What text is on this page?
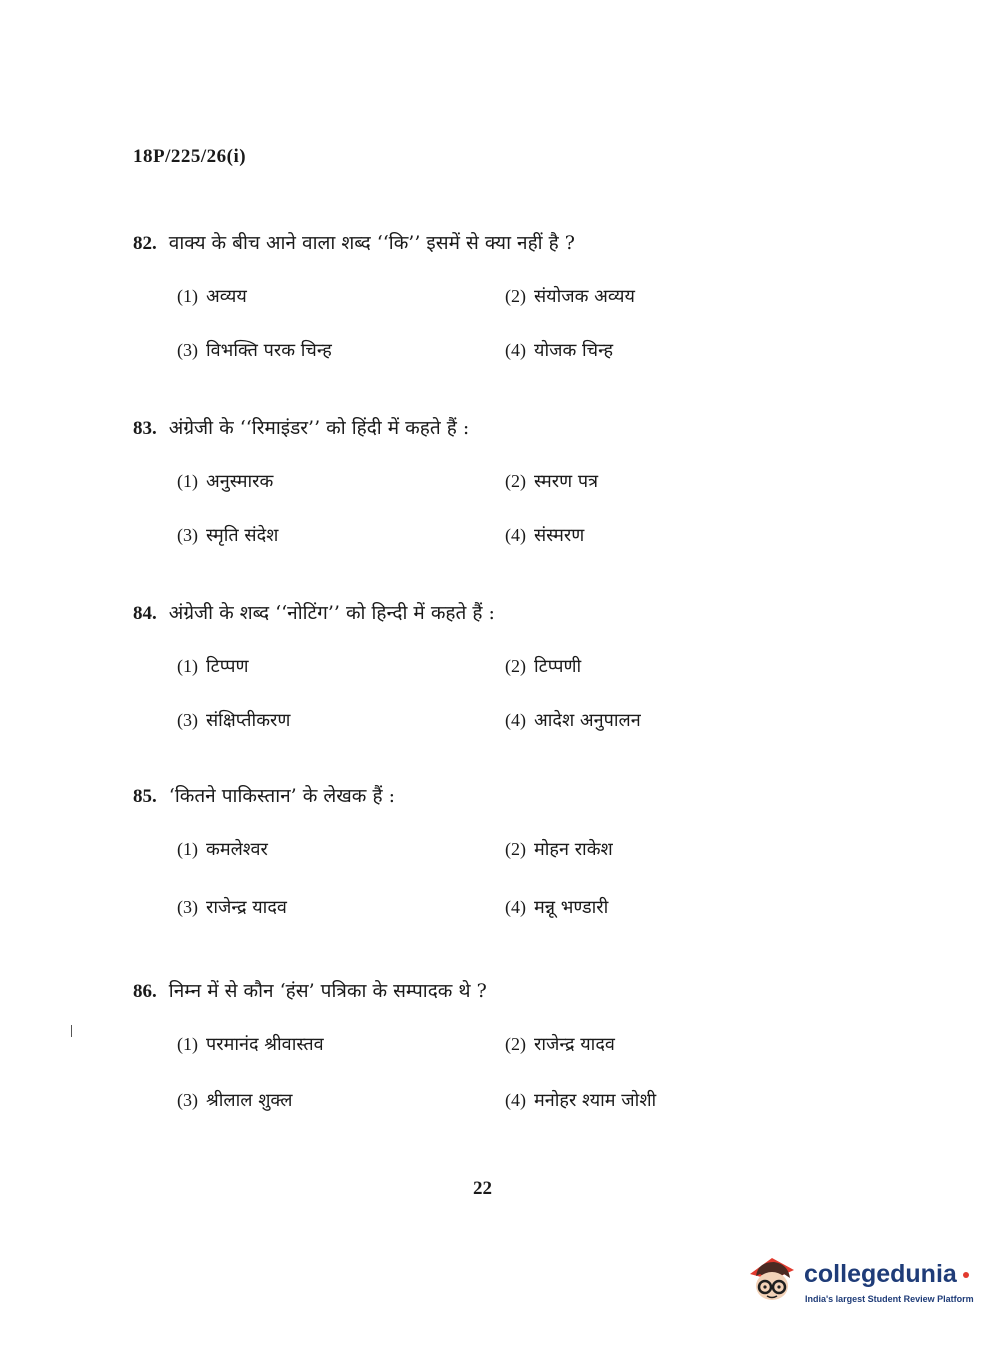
18P/225/26(i)
82. वाक्य के बीच आने वाला शब्द ‘‘कि’’ इसमें से क्या नहीं है ?
(1) अव्यय	(2) संयोजक अव्यय
(3) विभक्ति परक चिन्ह	(4) योजक चिन्ह
83. अंग्रेजी के ‘‘रिमाइंडर’’ को हिंदी में कहते हैं :
(1) अनुस्मारक	(2) स्मरण पत्र
(3) स्मृति संदेश	(4) संस्मरण
84. अंग्रेजी के शब्द ‘‘नोटिंग’’ को हिन्दी में कहते हैं :
(1) टिप्पण	(2) टिप्पणी
(3) संक्षिप्तीकरण	(4) आदेश अनुपालन
85. ‘कितने पाकिस्तान’ के लेखक हैं :
(1) कमलेश्वर	(2) मोहन राकेश
(3) राजेन्द्र यादव	(4) मन्नू भण्डारी
86. निम्न में से कौन ‘हंस’ पत्रिका के सम्पादक थे ?
(1) परमानंद श्रीवास्तव	(2) राजेन्द्र यादव
(3) श्रीलाल शुक्ल	(4) मनोहर श्याम जोशी
22
collegedunia
India's largest Student Review Platform
